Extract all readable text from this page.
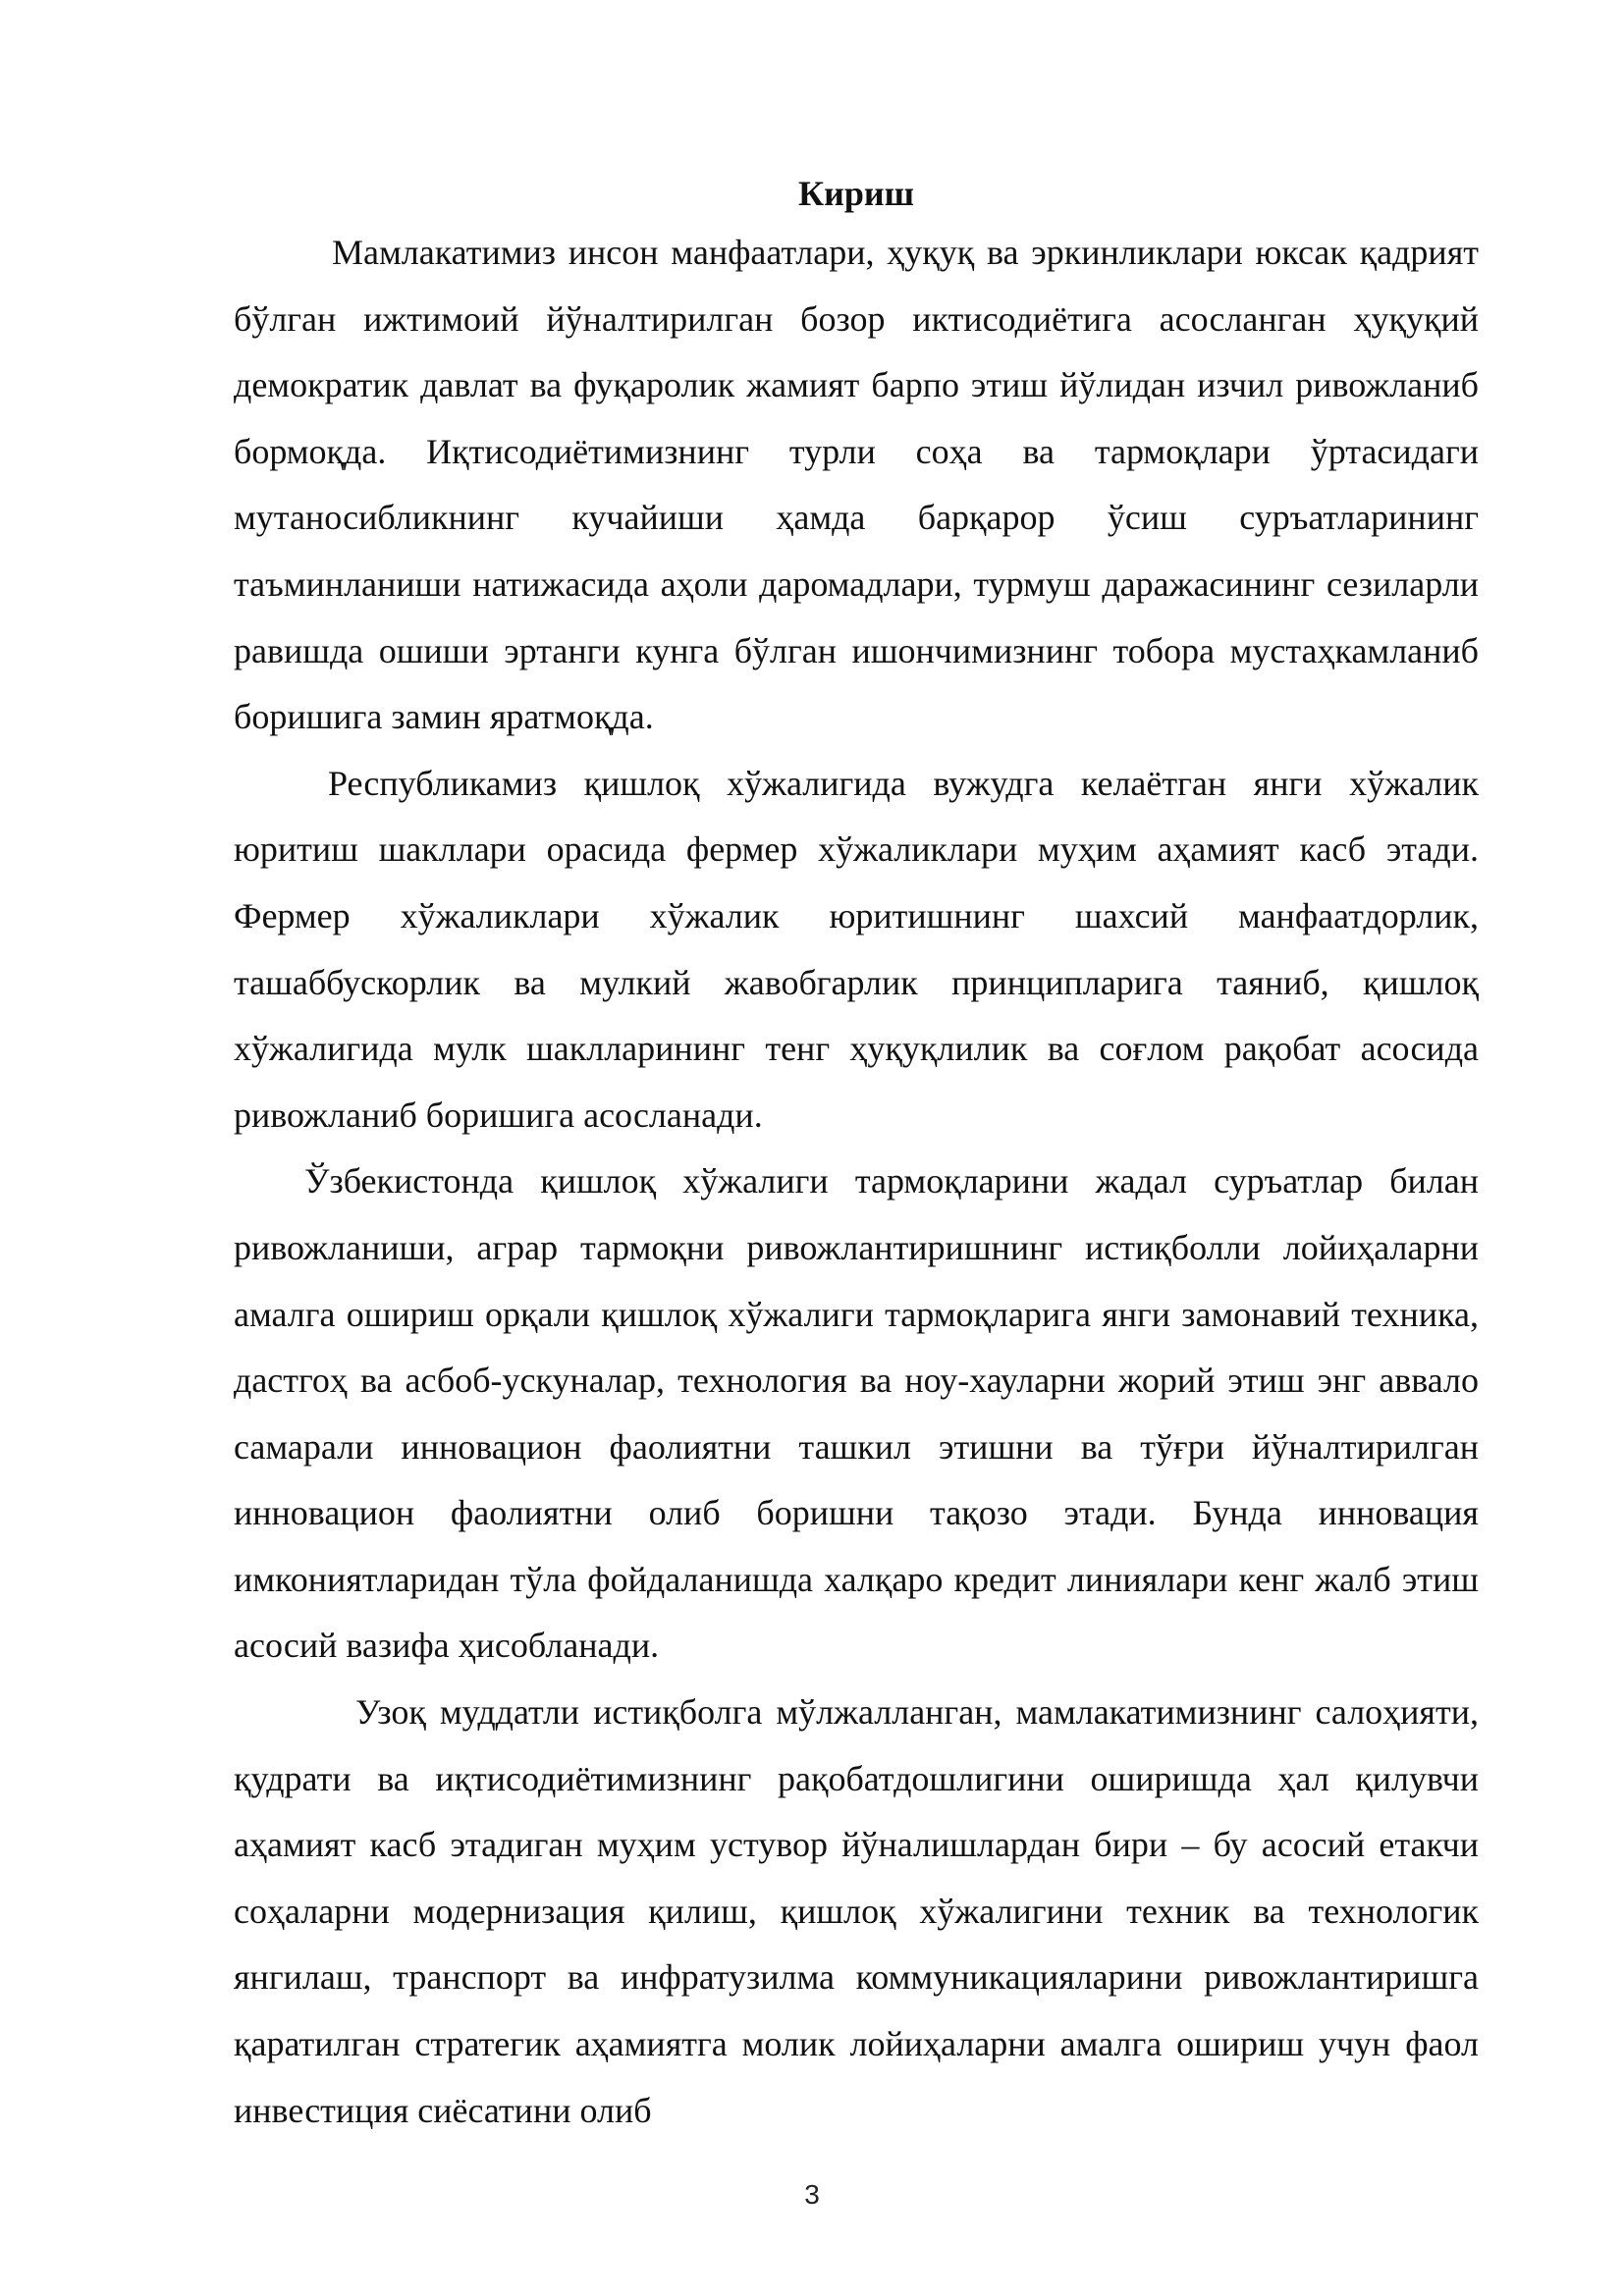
Кириш

Мамлакатимиз инсон манфаатлари, ҳуқуқ ва эркинликлари юксак қадрият бўлган ижтимоий йўналтирилган бозор иктисодиётига асосланган ҳуқуқий демократик давлат ва фуқаролик жамият барпо этиш йўлидан изчил ривожланиб бормоқда. Иқтисодиётимизнинг турли соҳа ва тармоқлари ўртасидаги мутаносибликнинг кучайиши ҳамда барқарор ўсиш суръатларининг таъминланиши натижасида аҳоли даромадлари, турмуш даражасининг сезиларли равишда ошиши эртанги кунга бўлган ишончимизнинг тобора мустаҳкамланиб боришига замин яратмоқда.

Республикамиз қишлоқ хўжалигида вужудга келаётган янги хўжалик юритиш шакллари орасида фермер хўжаликлари муҳим аҳамият касб этади. Фермер хўжаликлари хўжалик юритишнинг шахсий манфаатдорлик, ташаббускорлик ва мулкий жавобгарлик принципларига таяниб, қишлоқ хўжалигида мулк шаклларининг тенг ҳуқуқлилик ва соғлом рақобат асосида ривожланиб боришига асосланади.

Ўзбекистонда қишлоқ хўжалиги тармоқларини жадал суръатлар билан ривожланиши, аграр тармоқни ривожлантиришнинг истиқболли лойиҳаларни амалга ошириш орқали қишлоқ хўжалиги тармоқларига янги замонавий техника, дастгоҳ ва асбоб-ускуналар, технология ва ноу-хауларни жорий этиш энг аввало самарали инновацион фаолиятни ташкил этишни ва тўғри йўналтирилган инновацион фаолиятни олиб боришни тақозо этади. Бунда инновация имкониятларидан тўла фойдаланишда халқаро кредит линиялари кенг жалб этиш асосий вазифа ҳисобланади.

Узоқ муддатли истиқболга мўлжалланган, мамлакатимизнинг салоҳияти, қудрати ва иқтисодиётимизнинг рақобатдошлигини оширишда ҳал қилувчи аҳамият касб этадиган муҳим устувор йўналишлардан бири – бу асосий етакчи соҳаларни модернизация қилиш, қишлоқ хўжалигини техник ва технологик янгилаш, транспорт ва инфратузилма коммуникацияларини ривожлантиришга қаратилган стратегик аҳамиятга молик лойиҳаларни амалга ошириш учун фаол инвестиция сиёсатини олиб

3
